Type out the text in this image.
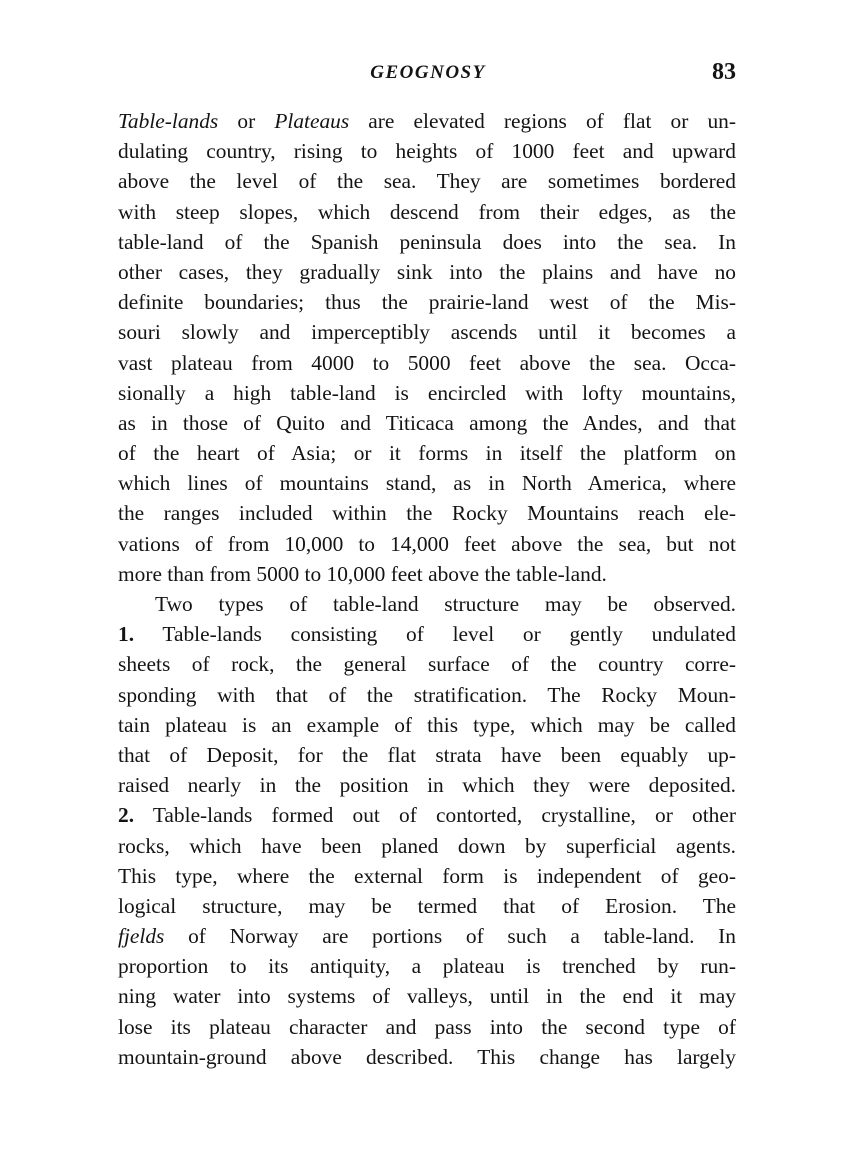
GEOGNOSY	83
Table-lands or Plateaus are elevated regions of flat or un-
dulating country, rising to heights of 1000 feet and upward
above the level of the sea. They are sometimes bordered
with steep slopes, which descend from their edges, as the
table-land of the Spanish peninsula does into the sea. In
other cases, they gradually sink into the plains and have no
definite boundaries; thus the prairie-land west of the Mis-
souri slowly and imperceptibly ascends until it becomes a
vast plateau from 4000 to 5000 feet above the sea. Occa-
sionally a high table-land is encircled with lofty mountains,
as in those of Quito and Titicaca among the Andes, and that
of the heart of Asia; or it forms in itself the platform on
which lines of mountains stand, as in North America, where
the ranges included within the Rocky Mountains reach ele-
vations of from 10,000 to 14,000 feet above the sea, but not
more than from 5000 to 10,000 feet above the table-land.
Two types of table-land structure may be observed.
1. Table-lands consisting of level or gently undulated
sheets of rock, the general surface of the country corre-
sponding with that of the stratification. The Rocky Moun-
tain plateau is an example of this type, which may be called
that of Deposit, for the flat strata have been equably up-
raised nearly in the position in which they were deposited.
2. Table-lands formed out of contorted, crystalline, or other
rocks, which have been planed down by superficial agents.
This type, where the external form is independent of geo-
logical structure, may be termed that of Erosion. The
fjelds of Norway are portions of such a table-land. In
proportion to its antiquity, a plateau is trenched by run-
ning water into systems of valleys, until in the end it may
lose its plateau character and pass into the second type of
mountain-ground above described. This change has largely
